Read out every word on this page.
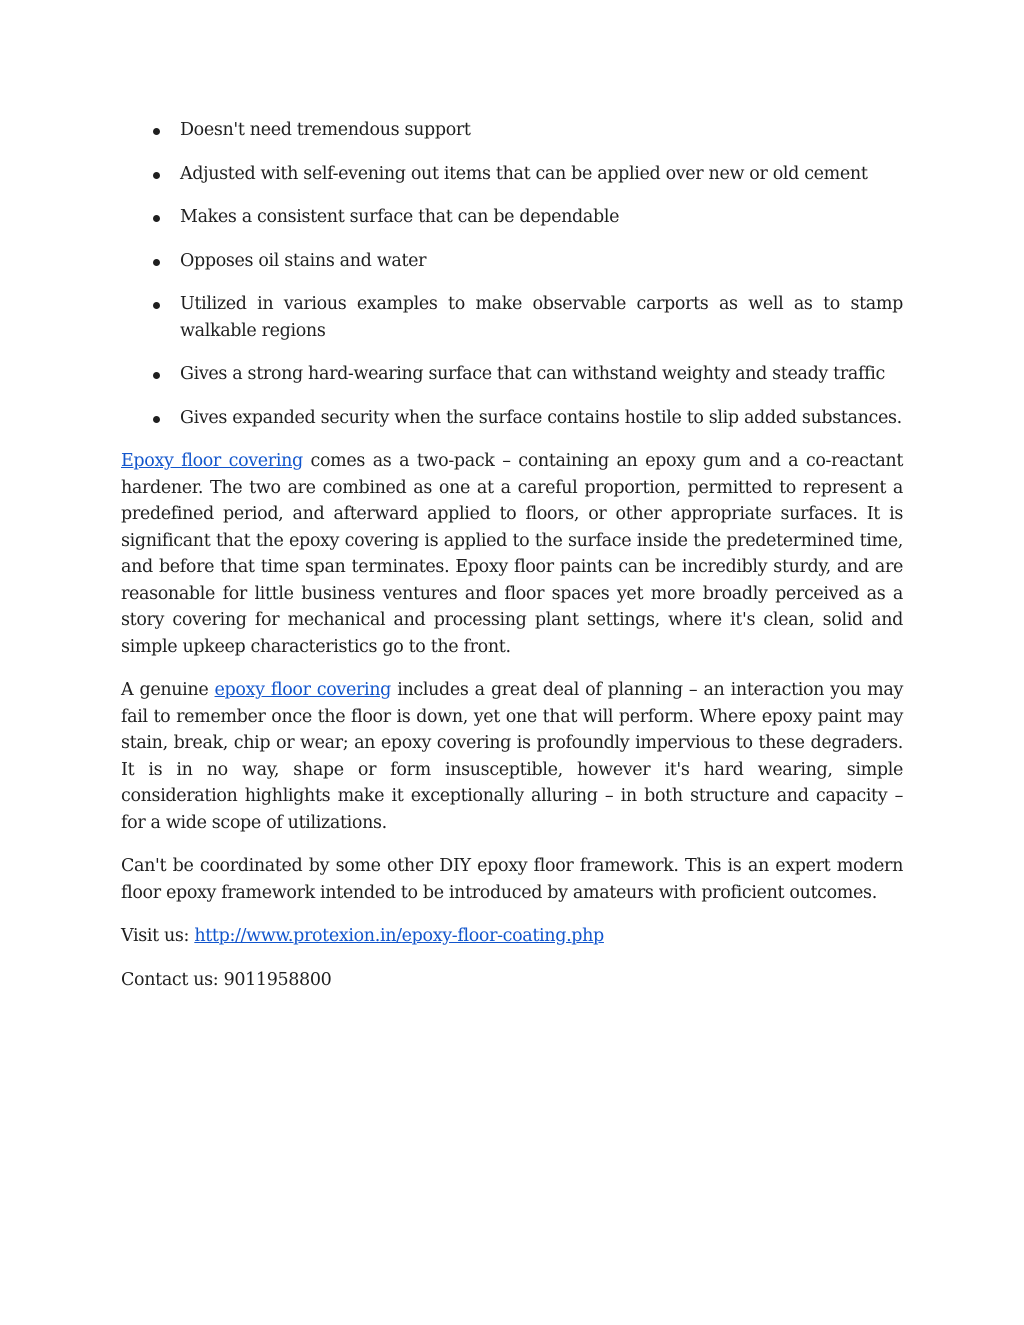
Doesn't need tremendous support
Adjusted with self-evening out items that can be applied over new or old cement
Makes a consistent surface that can be dependable
Opposes oil stains and water
Utilized in various examples to make observable carports as well as to stamp walkable regions
Gives a strong hard-wearing surface that can withstand weighty and steady traffic
Gives expanded security when the surface contains hostile to slip added substances.

Epoxy floor covering comes as a two-pack – containing an epoxy gum and a co-reactant hardener. The two are combined as one at a careful proportion, permitted to represent a predefined period, and afterward applied to floors, or other appropriate surfaces. It is significant that the epoxy covering is applied to the surface inside the predetermined time, and before that time span terminates. Epoxy floor paints can be incredibly sturdy, and are reasonable for little business ventures and floor spaces yet more broadly perceived as a story covering for mechanical and processing plant settings, where it's clean, solid and simple upkeep characteristics go to the front.

A genuine epoxy floor covering includes a great deal of planning – an interaction you may fail to remember once the floor is down, yet one that will perform. Where epoxy paint may stain, break, chip or wear; an epoxy covering is profoundly impervious to these degraders. It is in no way, shape or form insusceptible, however it's hard wearing, simple consideration highlights make it exceptionally alluring – in both structure and capacity – for a wide scope of utilizations.

Can't be coordinated by some other DIY epoxy floor framework. This is an expert modern floor epoxy framework intended to be introduced by amateurs with proficient outcomes.

Visit us: http://www.protexion.in/epoxy-floor-coating.php

Contact us: 9011958800
